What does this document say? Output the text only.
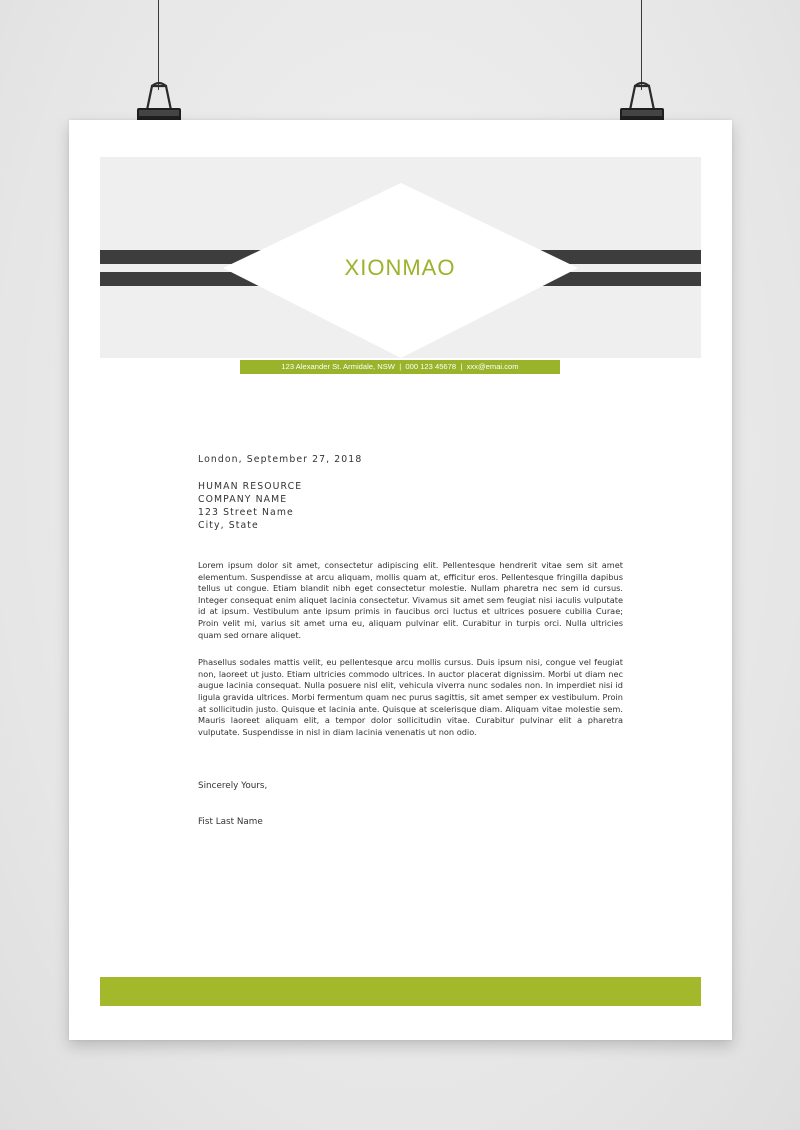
XIONMAO
123 Alexander St. Armidale, NSW  |  000 123 45678  |  xxx@emai.com
London, September 27, 2018
HUMAN RESOURCE
COMPANY NAME
123 Street Name
City, State

Lorem ipsum dolor sit amet, consectetur adipiscing elit. Pellentesque hendrerit vitae sem sit amet elementum. Suspendisse at arcu aliquam, mollis quam at, efficitur eros. Pellentesque fringilla dapibus tellus ut congue. Etiam blandit nibh eget consectetur molestie. Nullam pharetra nec sem id cursus. Integer consequat enim aliquet lacinia consectetur. Vivamus sit amet sem feugiat nisi iaculis vulputate id at ipsum. Vestibulum ante ipsum primis in faucibus orci luctus et ultrices posuere cubilia Curae; Proin velit mi, varius sit amet urna eu, aliquam pulvinar elit. Curabitur in turpis orci. Nulla ultricies quam sed ornare aliquet.

Phasellus sodales mattis velit, eu pellentesque arcu mollis cursus. Duis ipsum nisi, congue vel feugiat non, laoreet ut justo. Etiam ultricies commodo ultrices. In auctor placerat dignissim. Morbi ut diam nec augue lacinia consequat. Nulla posuere nisl elit, vehicula viverra nunc sodales non. In imperdiet nisi id ligula gravida ultrices. Morbi fermentum quam nec purus sagittis, sit amet semper ex vestibulum. Proin at sollicitudin justo. Quisque et lacinia ante. Quisque at scelerisque diam. Aliquam vitae molestie sem. Mauris laoreet aliquam elit, a tempor dolor sollicitudin vitae. Curabitur pulvinar elit a pharetra vulputate. Suspendisse in nisl in diam lacinia venenatis ut non odio.

Sincerely Yours,
Fist Last Name
